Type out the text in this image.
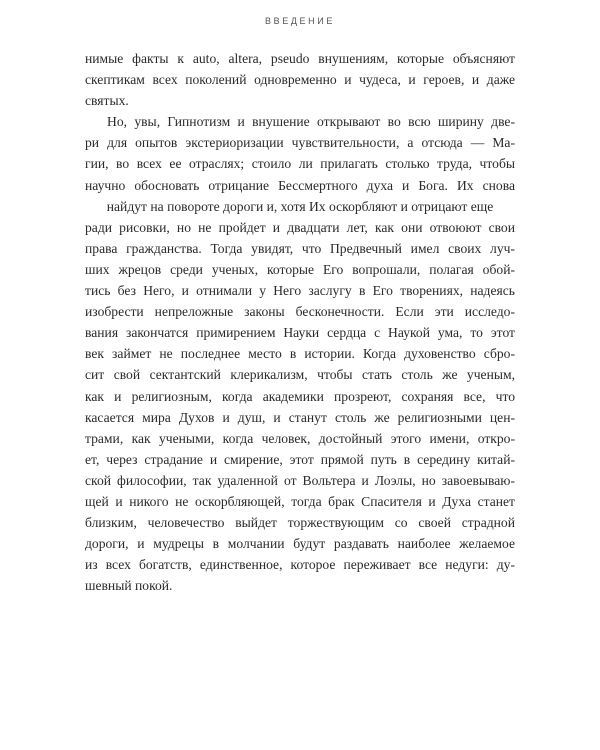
ВВЕДЕНИЕ
нимые факты к auto, altera, pseudo внушениям, которые объясняют
скептикам всех поколений одновременно и чудеса, и героев, и даже
святых.
Но, увы, Гипнотизм и внушение открывают во всю ширину две-
ри для опытов экстериоризации чувствительности, а отсюда — Ма-
гии, во всех ее отраслях; стоило ли прилагать столько труда, чтобы
научно обосновать отрицание Бессмертного духа и Бога. Их снова
найдут на повороте дороги и, хотя Их оскорбляют и отрицают еще
ради рисовки, но не пройдет и двадцати лет, как они отвоюют свои
права гражданства. Тогда увидят, что Предвечный имел своих луч-
ших жрецов среди ученых, которые Его вопрошали, полагая обой-
тись без Него, и отнимали у Него заслугу в Его творениях, надеясь
изобрести непреложные законы бесконечности. Если эти исследо-
вания закончатся примирением Науки сердца с Наукой ума, то этот
век займет не последнее место в истории. Когда духовенство сбро-
сит свой сектантский клерикализм, чтобы стать столь же ученым,
как и религиозным, когда академики прозреют, сохраняя все, что
касается мира Духов и душ, и станут столь же религиозными цен-
трами, как учеными, когда человек, достойный этого имени, откро-
ет, через страдание и смирение, этот прямой путь в середину китай-
ской философии, так удаленной от Вольтера и Лоэлы, но завоевываю-
щей и никого не оскорбляющей, тогда брак Спасителя и Духа станет
близким, человечество выйдет торжествующим со своей страдной
дороги, и мудрецы в молчании будут раздавать наиболее желаемое
из всех богатств, единственное, которое переживает все недуги: ду-
шевный покой.
